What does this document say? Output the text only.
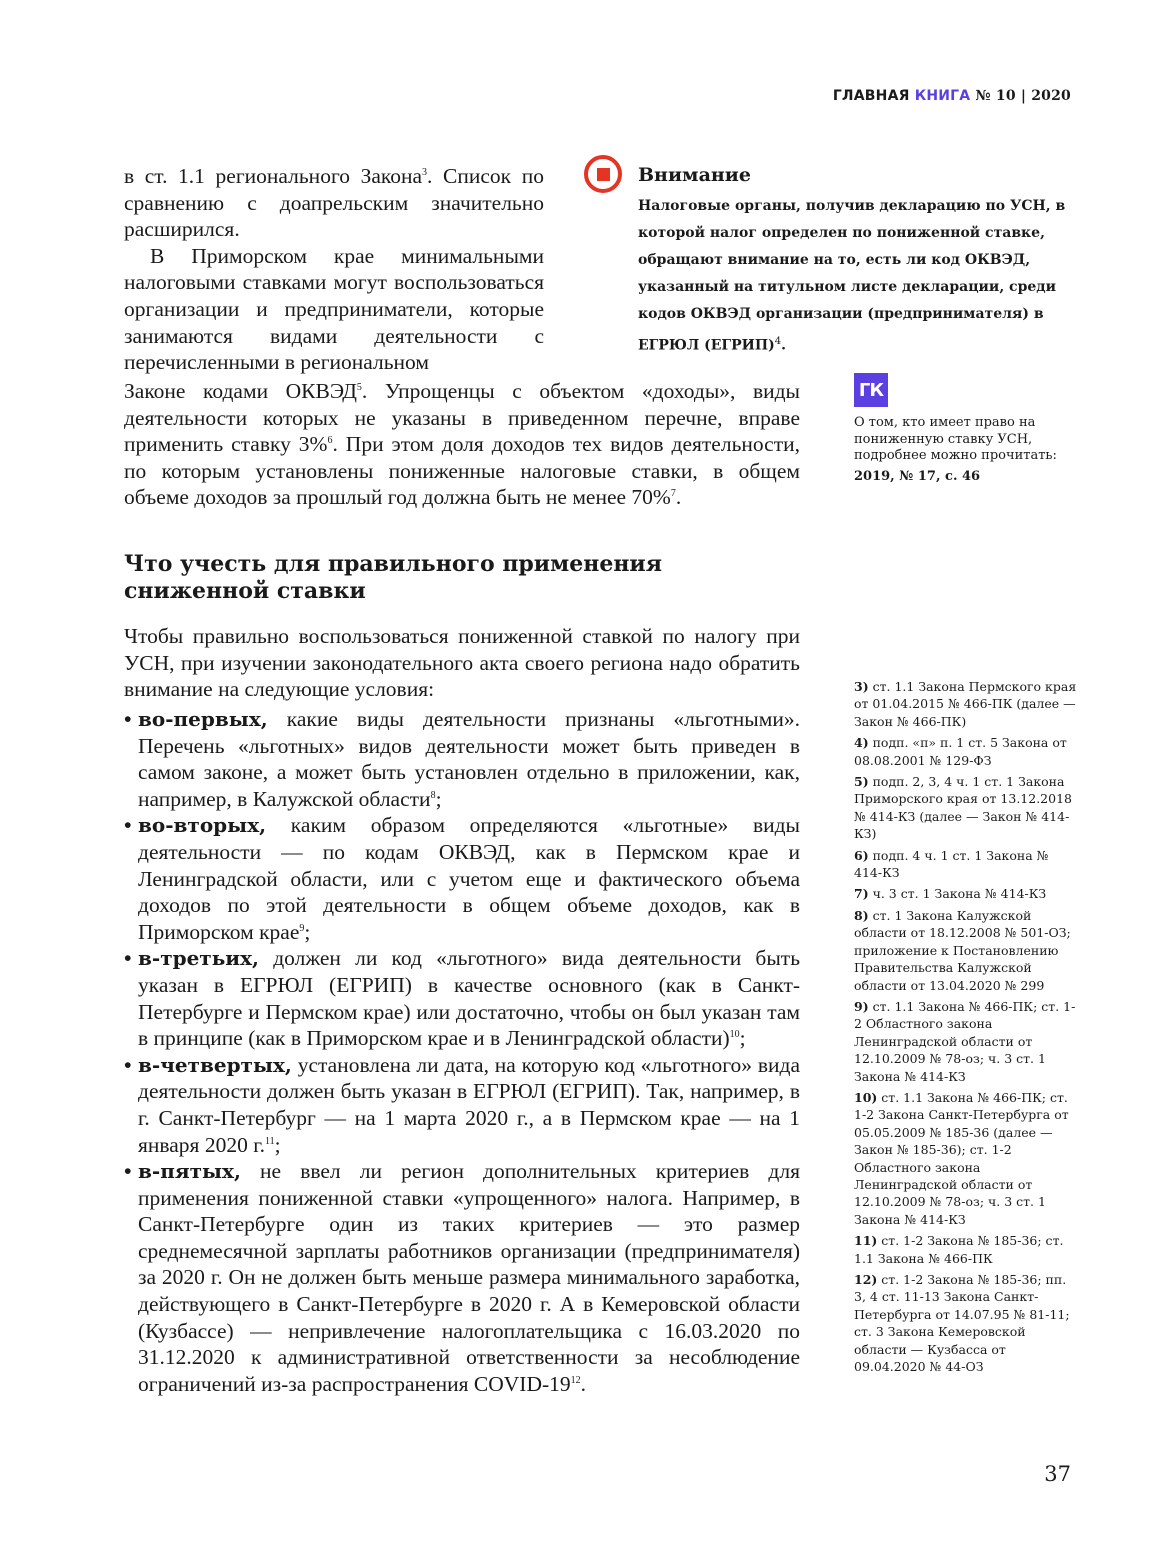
ГЛАВНАЯ КНИГА № 10 | 2020

в ст. 1.1 регионального Закона$^3$. Список по сравнению с доапрельским значительно расширился.

В Приморском крае минимальными налоговыми ставками могут воспользоваться организации и предприниматели, которые занимаются видами деятельности с перечисленными в региональном

Законе кодами ОКВЭД$^5$. Упрощенцы с объектом «доходы», виды деятельности которых не указаны в приведенном перечне, вправе применить ставку 3%$^6$. При этом доля доходов тех видов деятельности, по которым установлены пониженные налоговые ставки, в общем объеме доходов за прошлый год должна быть не менее 70%$^7$.

Внимание
Налоговые органы, получив декларацию по УСН, в которой налог определен по пониженной ставке, обращают внимание на то, есть ли код ОКВЭД, указанный на титульном листе декларации, среди кодов ОКВЭД организации (предпринимателя) в ЕГРЮЛ (ЕГРИП)$^4$.
ГК
О том, кто имеет право на пониженную ставку УСН, подробнее можно прочитать:
2019, № 17, с. 46
Что учесть для правильного применения сниженной ставки

Чтобы правильно воспользоваться пониженной ставкой по налогу при УСН, при изучении законодательного акта своего региона надо обратить внимание на следующие условия:

• во-первых, какие виды деятельности признаны «льготными». Перечень «льготных» видов деятельности может быть приведен в самом законе, а может быть установлен отдельно в приложении, как, например, в Калужской области$^8$;
• во-вторых, каким образом определяются «льготные» виды деятельности — по кодам ОКВЭД, как в Пермском крае и Ленинградской области, или с учетом еще и фактического объема доходов по этой деятельности в общем объеме доходов, как в Приморском крае$^9$;
• в-третьих, должен ли код «льготного» вида деятельности быть указан в ЕГРЮЛ (ЕГРИП) в качестве основного (как в Санкт-Петербурге и Пермском крае) или достаточно, чтобы он был указан там в принципе (как в Приморском крае и в Ленинградской области)$^{10}$;
• в-четвертых, установлена ли дата, на которую код «льготного» вида деятельности должен быть указан в ЕГРЮЛ (ЕГРИП). Так, например, в г. Санкт-Петербург — на 1 марта 2020 г., а в Пермском крае — на 1 января 2020 г.$^{11}$;
• в-пятых, не ввел ли регион дополнительных критериев для применения пониженной ставки «упрощенного» налога. Например, в Санкт-Петербурге один из таких критериев — это размер среднемесячной зарплаты работников организации (предпринимателя) за 2020 г. Он не должен быть меньше размера минимального заработка, действующего в Санкт-Петербурге в 2020 г. А в Кемеровской области (Кузбассе) — непривлечение налогоплательщика с 16.03.2020 по 31.12.2020 к административной ответственности за несоблюдение ограничений из-за распространения COVID-19$^{12}$.
3) ст. 1.1 Закона Пермского края от 01.04.2015 № 466-ПК (далее — Закон № 466-ПК)
4) подп. «п» п. 1 ст. 5 Закона от 08.08.2001 № 129-ФЗ
5) подп. 2, 3, 4 ч. 1 ст. 1 Закона Приморского края от 13.12.2018 № 414-КЗ (далее — Закон № 414-КЗ)
6) подп. 4 ч. 1 ст. 1 Закона № 414-КЗ
7) ч. 3 ст. 1 Закона № 414-КЗ
8) ст. 1 Закона Калужской области от 18.12.2008 № 501-ОЗ; приложение к Постановлению Правительства Калужской области от 13.04.2020 № 299
9) ст. 1.1 Закона № 466-ПК; ст. 1-2 Областного закона Ленинградской области от 12.10.2009 № 78-оз; ч. 3 ст. 1 Закона № 414-КЗ
10) ст. 1.1 Закона № 466-ПК; ст. 1-2 Закона Санкт-Петербурга от 05.05.2009 № 185-36 (далее — Закон № 185-36); ст. 1-2 Областного закона Ленинградской области от 12.10.2009 № 78-оз; ч. 3 ст. 1 Закона № 414-КЗ
11) ст. 1-2 Закона № 185-36; ст. 1.1 Закона № 466-ПК
12) ст. 1-2 Закона № 185-36; пп. 3, 4 ст. 11-13 Закона Санкт-Петербурга от 14.07.95 № 81-11; ст. 3 Закона Кемеровской области — Кузбасса от 09.04.2020 № 44-ОЗ
37
